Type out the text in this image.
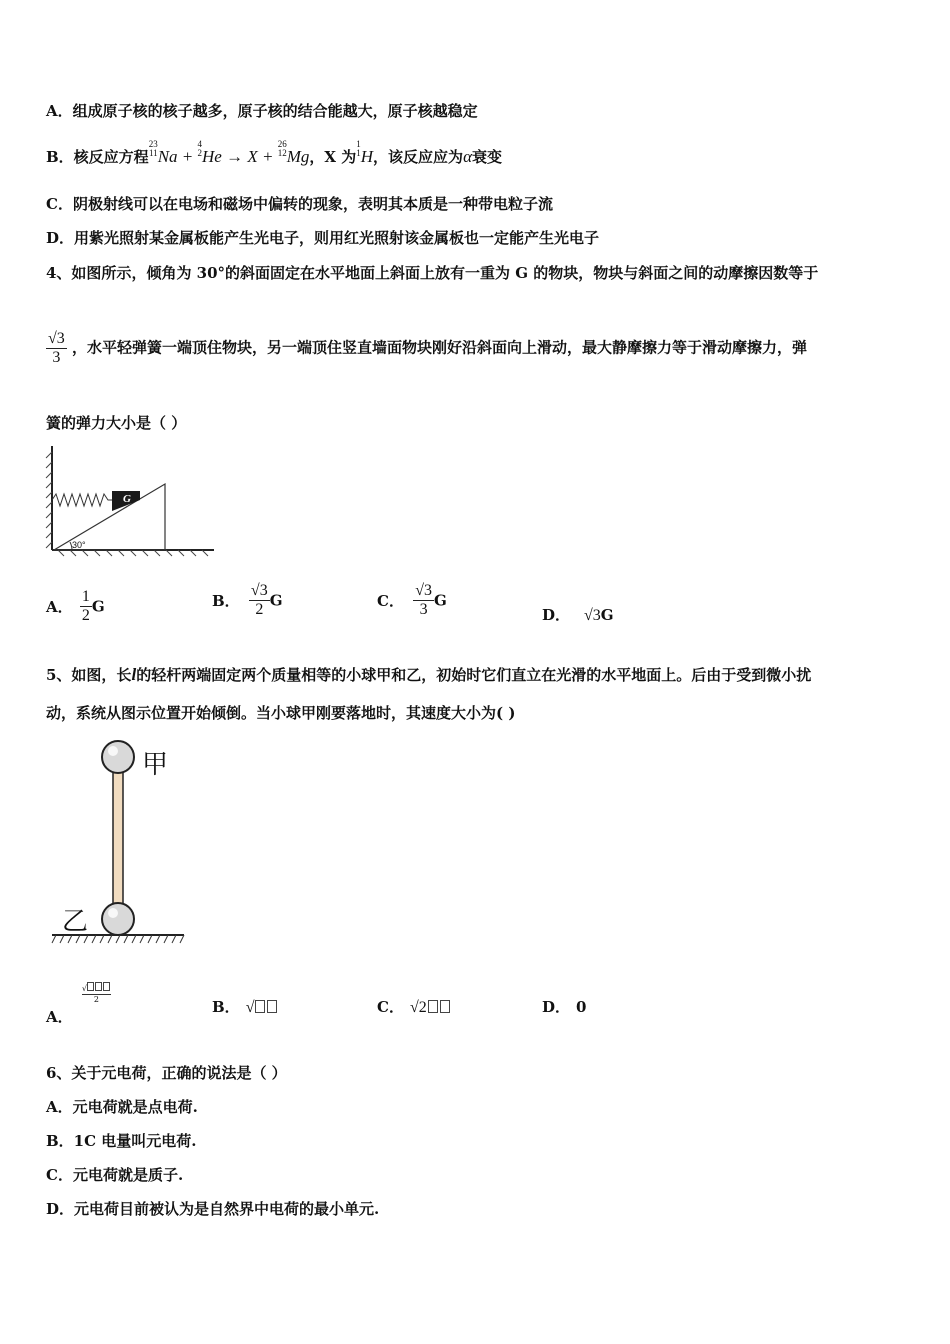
A．组成原子核的核子越多，原子核的结合能越大，原子核越稳定
B．核反应方程
23
11 Na +
4
2 He → X +
26
12 Mg，X 为
1
1 H，该反应应为α衰变
C．阴极射线可以在电场和磁场中偏转的现象，表明其本质是一种带电粒子流
D．用紫光照射某金属板能产生光电子，则用红光照射该金属板也一定能产生光电子
4、如图所示，倾角为 30°的斜面固定在水平地面上斜面上放有一重为 G 的物块，物块与斜面之间的动摩擦因数等于
$\frac{√3}{3}$ ，水平轻弹簧一端顶住物块，另一端顶住竖直墙面物块刚好沿斜面向上滑动，最大静摩擦力等于滑动摩擦力，弹
簧的弹力大小是（ ）
30°
G
A． $\frac{1}{2}$ G	B． $\frac{√3}{2}$ G	C． $\frac{√3}{3}$ G
D． √3G
5、如图，长l的轻杆两端固定两个质量相等的小球甲和乙，初始时它们直立在光滑的水平地面上。后由于受到微小扰
动，系统从图示位置开始倾倒。当小球甲刚要落地时，其速度大小为( )
甲
乙
A．
$\frac{√}{2}$
B． √	C． √2	D． 0
6、关于元电荷，正确的说法是（ ）
A．元电荷就是点电荷.
B．1C 电量叫元电荷.
C．元电荷就是质子.
D．元电荷目前被认为是自然界中电荷的最小单元.
